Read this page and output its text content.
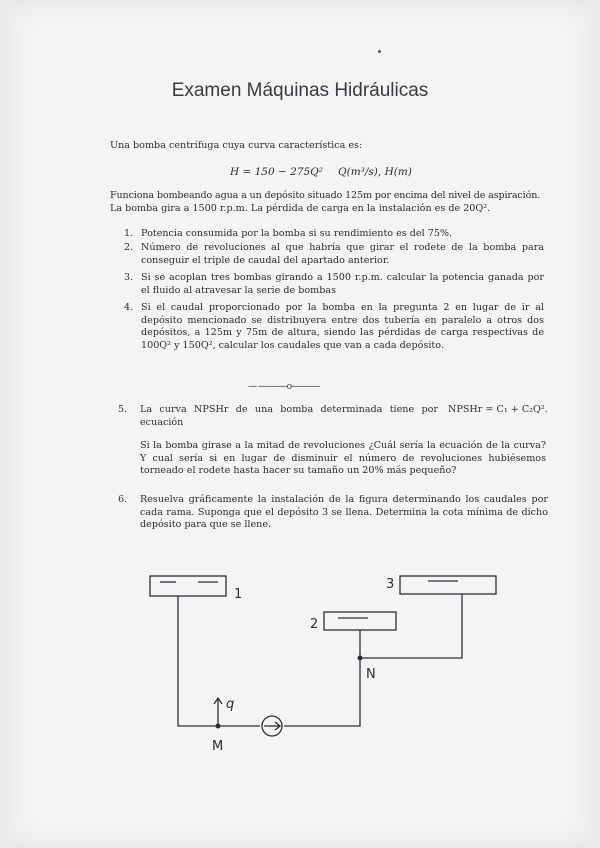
Examen Máquinas Hidráulicas
Una bomba centrífuga cuya curva característica es:
H = 150 − 275Q² Q(m³/s), H(m)
Funciona bombeando agua a un depósito situado 125m por encima del nivel de aspiración.
La bomba gira a 1500 r.p.m. La pérdida de carga en la instalación es de 20Q².
1. Potencia consumida por la bomba si su rendimiento es del 75%.
2. Número de revoluciones al que habría que girar el rodete de la bomba para conseguir el triple de caudal del apartado anterior.
3. Si se acoplan tres bombas girando a 1500 r.p.m. calcular la potencia ganada por el fluido al atravesar la serie de bombas
4. Si el caudal proporcionado por la bomba en la pregunta 2 en lugar de ir al depósito mencionado se distribuyera entre dos tubería en paralelo a otros dos depósitos, a 125m y 75m de altura, siendo las pérdidas de carga respectivas de 100Q² y 150Q², calcular los caudales que van a cada depósito.
---- --------------o--------------
5. La curva NPSHr de una bomba determinada tiene por ecuación
NPSHr = C₁ + C₂Q².
Si la bomba girase a la mitad de revoluciones ¿Cuál sería la ecuación de la curva? Y cual sería si en lugar de disminuir el número de revoluciones hubiésemos torneado el rodete hasta hacer su tamaño un 20% más pequeño?
6. Resuelva gráficamente la instalación de la figura determinando los caudales por cada rama. Suponga que el depósito 3 se llena. Determina la cota mínima de dicho depósito para que se llene.
1
3
2
N
M
q
